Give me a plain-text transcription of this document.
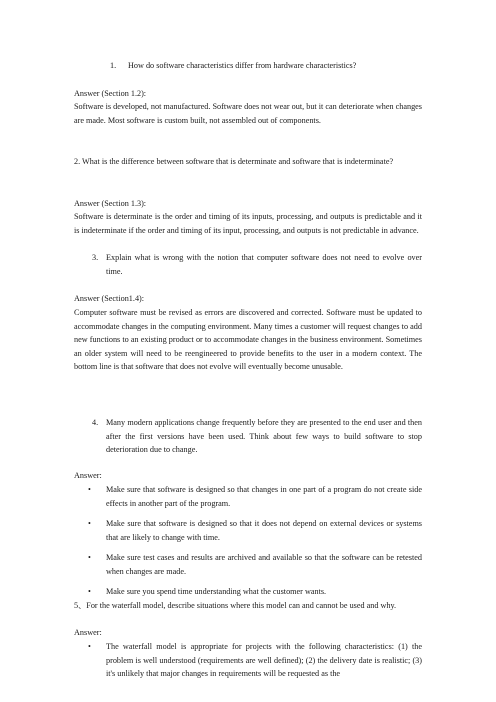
1. How do software characteristics differ from hardware characteristics?

Answer (Section 1.2):

Software is developed, not manufactured. Software does not wear out, but it can deteriorate when changes are made. Most software is custom built, not assembled out of components.

2. What is the difference between software that is determinate and software that is indeterminate?

Answer (Section 1.3):

Software is determinate is the order and timing of its inputs, processing, and outputs is predictable and it is indeterminate if the order and timing of its input, processing, and outputs is not predictable in advance.

3. Explain what is wrong with the notion that computer software does not need to evolve over time.

Answer (Section1.4):

Computer software must be revised as errors are discovered and corrected. Software must be updated to accommodate changes in the computing environment. Many times a customer will request changes to add new functions to an existing product or to accommodate changes in the business environment. Sometimes an older system will need to be reengineered to provide benefits to the user in a modern context. The bottom line is that software that does not evolve will eventually become unusable.

4. Many modern applications change frequently before they are presented to the end user and then after the first versions have been used. Think about few ways to build software to stop deterioration due to change.

Answer:

• Make sure that software is designed so that changes in one part of a program do not create side effects in another part of the program.
• Make sure that software is designed so that it does not depend on external devices or systems that are likely to change with time.
• Make sure test cases and results are archived and available so that the software can be retested when changes are made.
• Make sure you spend time understanding what the customer wants.

5、For the waterfall model, describe situations where this model can and cannot be used and why.

Answer:

• The waterfall model is appropriate for projects with the following characteristics: (1) the problem is well understood (requirements are well defined); (2) the delivery date is realistic; (3) it's unlikely that major changes in requirements will be requested as the
